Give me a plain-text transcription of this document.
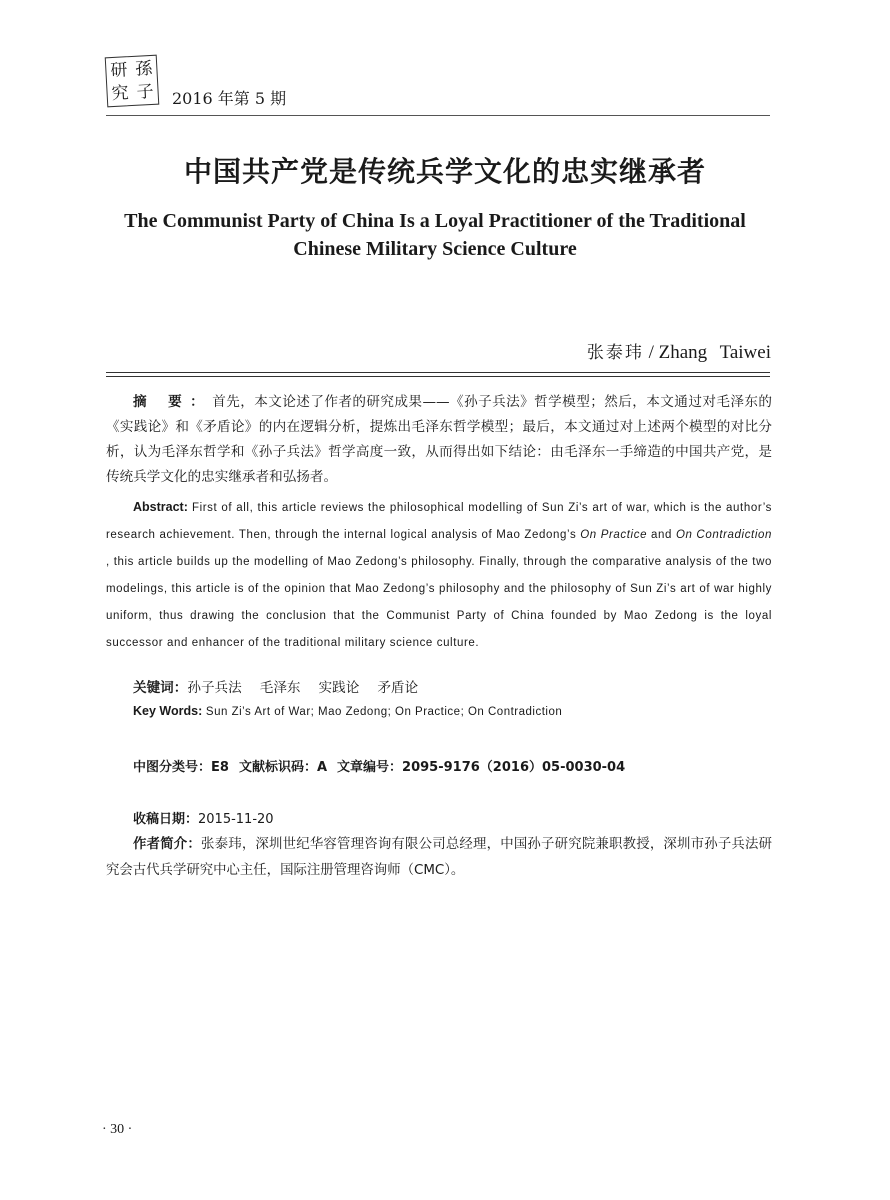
研 孫
究 子 2016 年第 5 期
中国共产党是传统兵学文化的忠实继承者
The Communist Party of China Is a Loyal Practitioner of the Traditional Chinese Military Science Culture
张泰玮 / Zhang Taiwei
摘 要：首先，本文论述了作者的研究成果——《孙子兵法》哲学模型；然后，本文通过对毛泽东的《实践论》和《矛盾论》的内在逻辑分析，提炼出毛泽东哲学模型；最后，本文通过对上述两个模型的对比分析，认为毛泽东哲学和《孙子兵法》哲学高度一致，从而得出如下结论：由毛泽东一手缔造的中国共产党，是传统兵学文化的忠实继承者和弘扬者。
Abstract: First of all, this article reviews the philosophical modelling of Sun Zi’s art of war, which is the author’s research achievement. Then, through the internal logical analysis of Mao Zedong’s On Practice and On Contradiction , this article builds up the modelling of Mao Zedong’s philosophy. Finally, through the comparative analysis of the two modelings, this article is of the opinion that Mao Zedong’s philosophy and the philosophy of Sun Zi’s art of war highly uniform, thus drawing the conclusion that the Communist Party of China founded by Mao Zedong is the loyal successor and enhancer of the traditional military science culture.
关键词：孙子兵法 毛泽东 实践论 矛盾论
Key Words: Sun Zi’s Art of War; Mao Zedong; On Practice; On Contradiction
中图分类号：E8 文献标识码：A 文章编号：2095-9176（2016）05-0030-04
收稿日期：2015-11-20
作者简介：张泰玮，深圳世纪华容管理咨询有限公司总经理，中国孙子研究院兼职教授，深圳市孙子兵法研究会古代兵学研究中心主任，国际注册管理咨询师（CMC）。
· 30 ·
